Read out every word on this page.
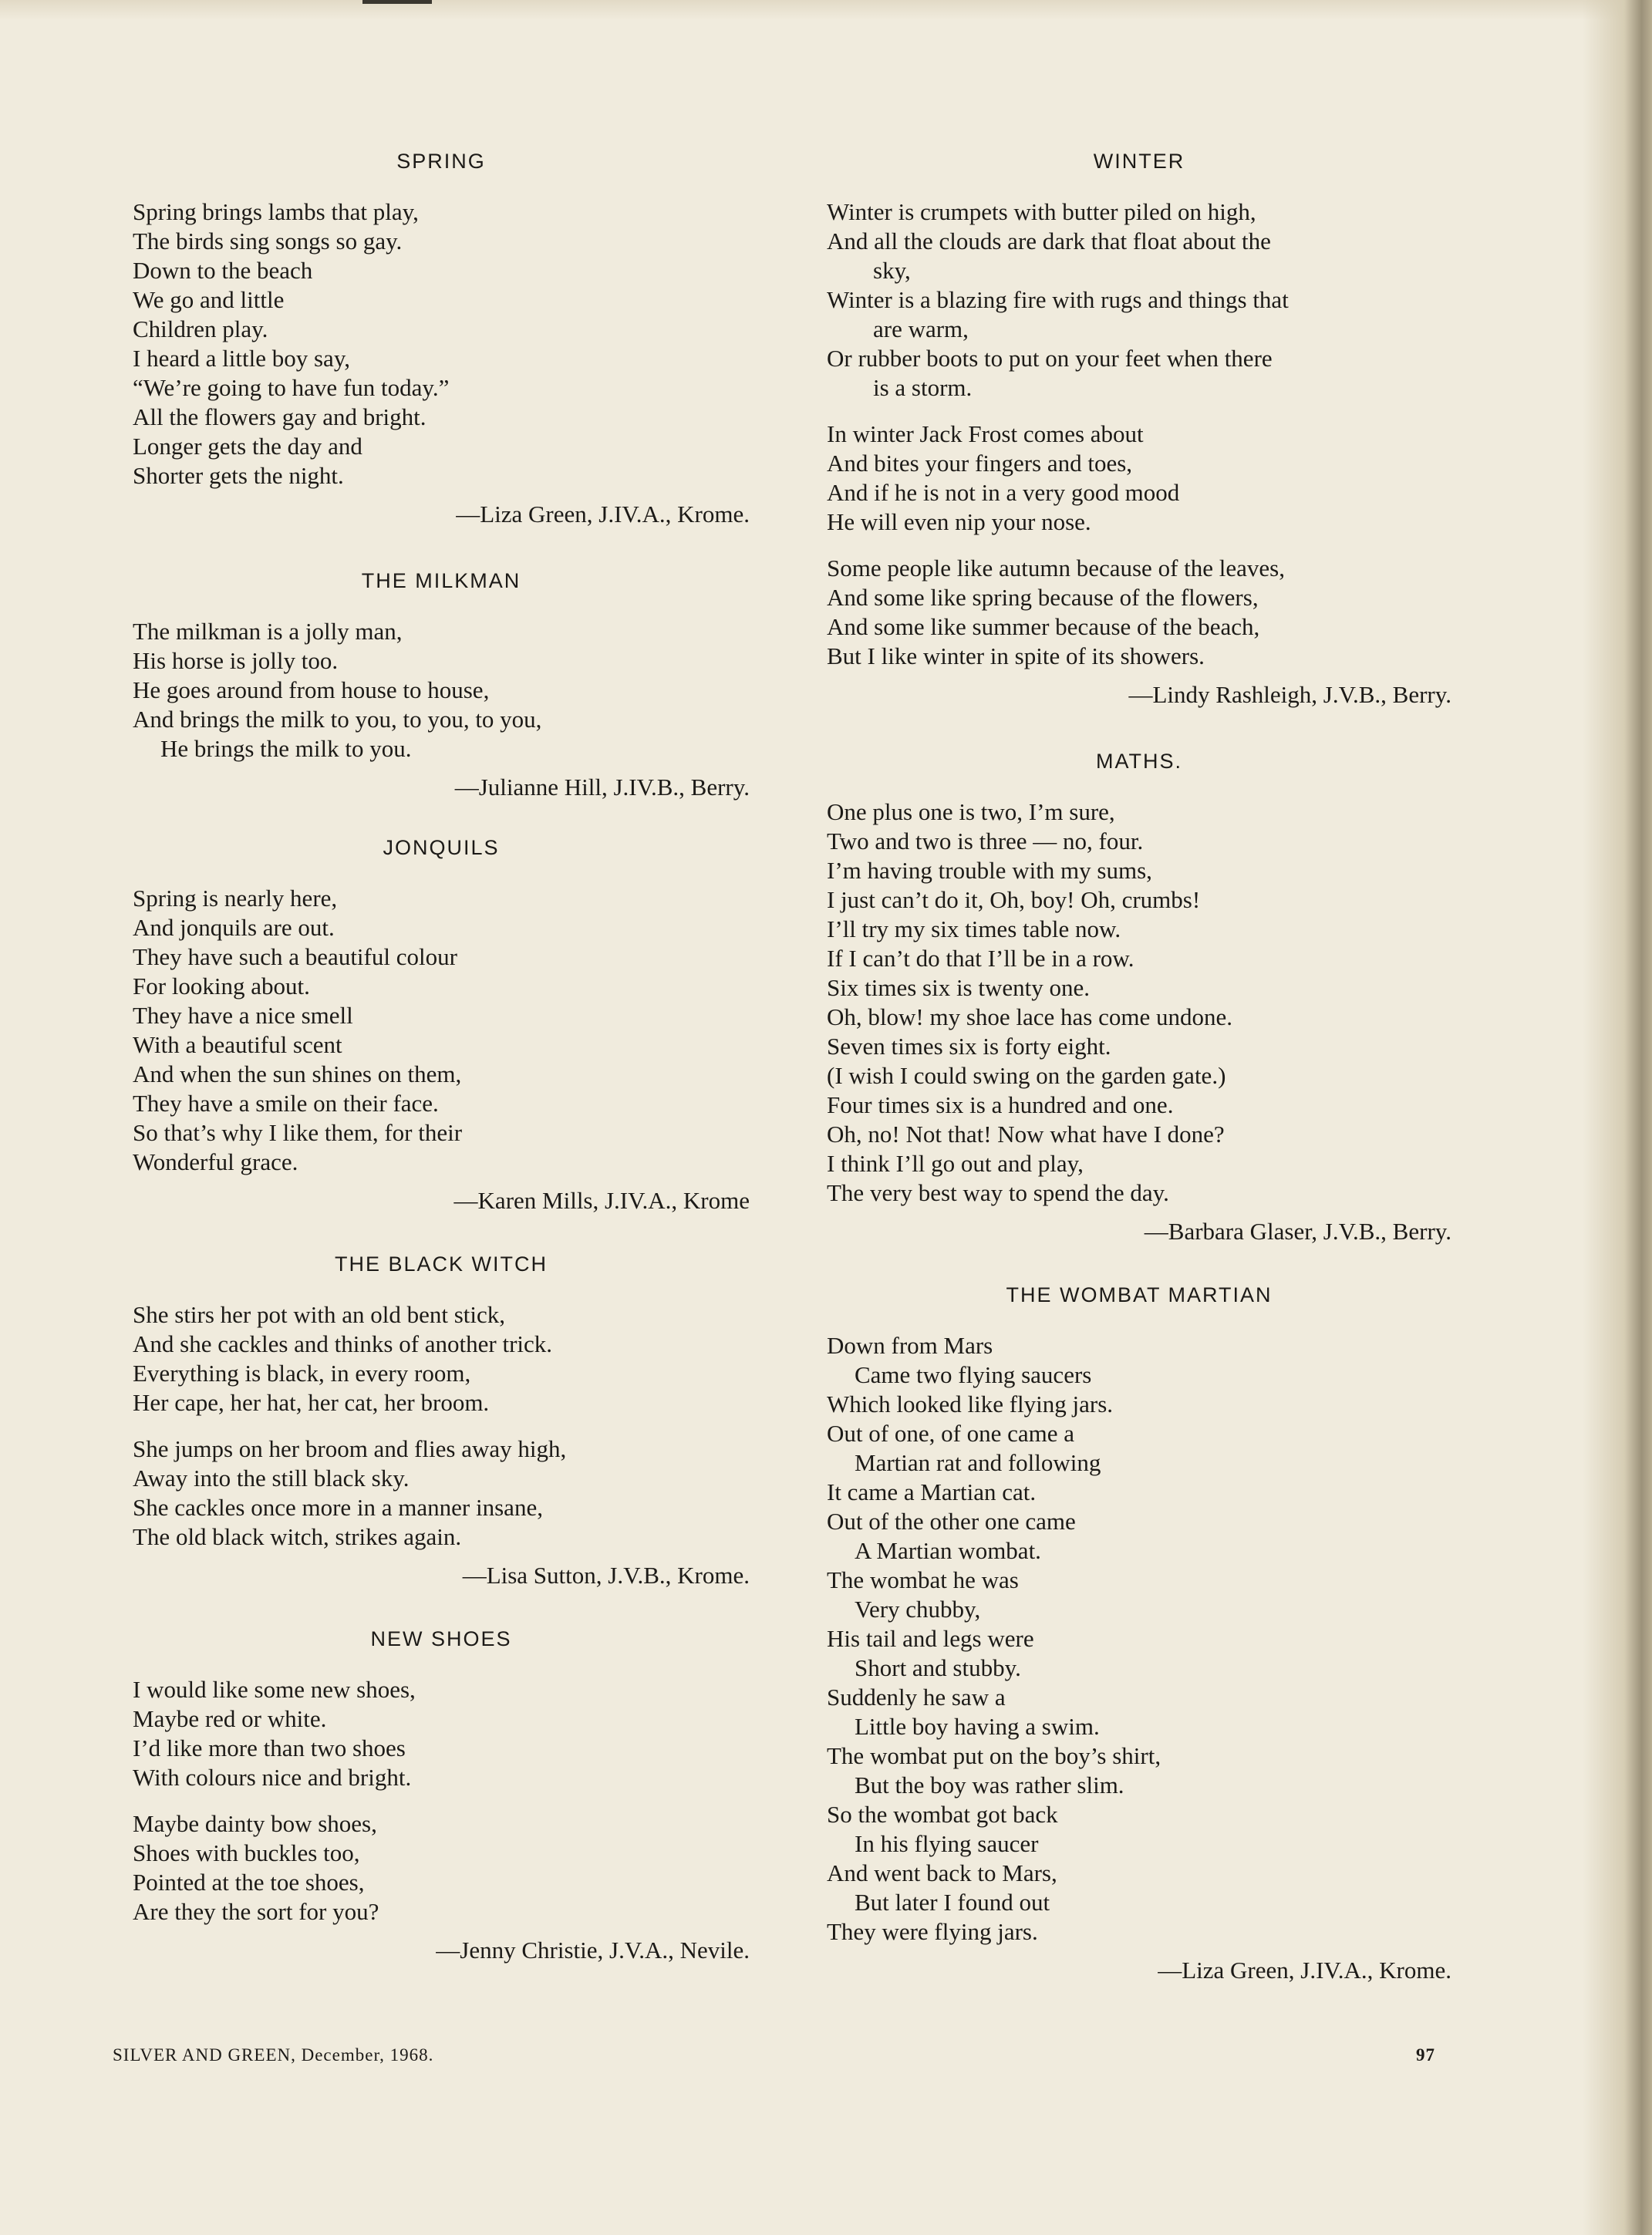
SPRING
Spring brings lambs that play,
The birds sing songs so gay.
Down to the beach
We go and little
Children play.
I heard a little boy say,
“We’re going to have fun today.”
All the flowers gay and bright.
Longer gets the day and
Shorter gets the night.
—Liza Green, J.IV.A., Krome.
THE MILKMAN
The milkman is a jolly man,
His horse is jolly too.
He goes around from house to house,
And brings the milk to you, to you, to you,
He brings the milk to you.
—Julianne Hill, J.IV.B., Berry.
JONQUILS
Spring is nearly here,
And jonquils are out.
They have such a beautiful colour
For looking about.
They have a nice smell
With a beautiful scent
And when the sun shines on them,
They have a smile on their face.
So that’s why I like them, for their
Wonderful grace.
—Karen Mills, J.IV.A., Krome
THE BLACK WITCH
She stirs her pot with an old bent stick,
And she cackles and thinks of another trick.
Everything is black, in every room,
Her cape, her hat, her cat, her broom.
She jumps on her broom and flies away high,
Away into the still black sky.
She cackles once more in a manner insane,
The old black witch, strikes again.
—Lisa Sutton, J.V.B., Krome.
NEW SHOES
I would like some new shoes,
Maybe red or white.
I’d like more than two shoes
With colours nice and bright.
Maybe dainty bow shoes,
Shoes with buckles too,
Pointed at the toe shoes,
Are they the sort for you?
—Jenny Christie, J.V.A., Nevile.
WINTER
Winter is crumpets with butter piled on high,
And all the clouds are dark that float about the
sky,
Winter is a blazing fire with rugs and things that
are warm,
Or rubber boots to put on your feet when there
is a storm.
In winter Jack Frost comes about
And bites your fingers and toes,
And if he is not in a very good mood
He will even nip your nose.
Some people like autumn because of the leaves,
And some like spring because of the flowers,
And some like summer because of the beach,
But I like winter in spite of its showers.
—Lindy Rashleigh, J.V.B., Berry.
MATHS.
One plus one is two, I’m sure,
Two and two is three — no, four.
I’m having trouble with my sums,
I just can’t do it, Oh, boy! Oh, crumbs!
I’ll try my six times table now.
If I can’t do that I’ll be in a row.
Six times six is twenty one.
Oh, blow! my shoe lace has come undone.
Seven times six is forty eight.
(I wish I could swing on the garden gate.)
Four times six is a hundred and one.
Oh, no! Not that! Now what have I done?
I think I’ll go out and play,
The very best way to spend the day.
—Barbara Glaser, J.V.B., Berry.
THE WOMBAT MARTIAN
Down from Mars
Came two flying saucers
Which looked like flying jars.
Out of one, of one came a
Martian rat and following
It came a Martian cat.
Out of the other one came
A Martian wombat.
The wombat he was
Very chubby,
His tail and legs were
Short and stubby.
Suddenly he saw a
Little boy having a swim.
The wombat put on the boy’s shirt,
But the boy was rather slim.
So the wombat got back
In his flying saucer
And went back to Mars,
But later I found out
They were flying jars.
—Liza Green, J.IV.A., Krome.
SILVER AND GREEN, December, 1968.	97
